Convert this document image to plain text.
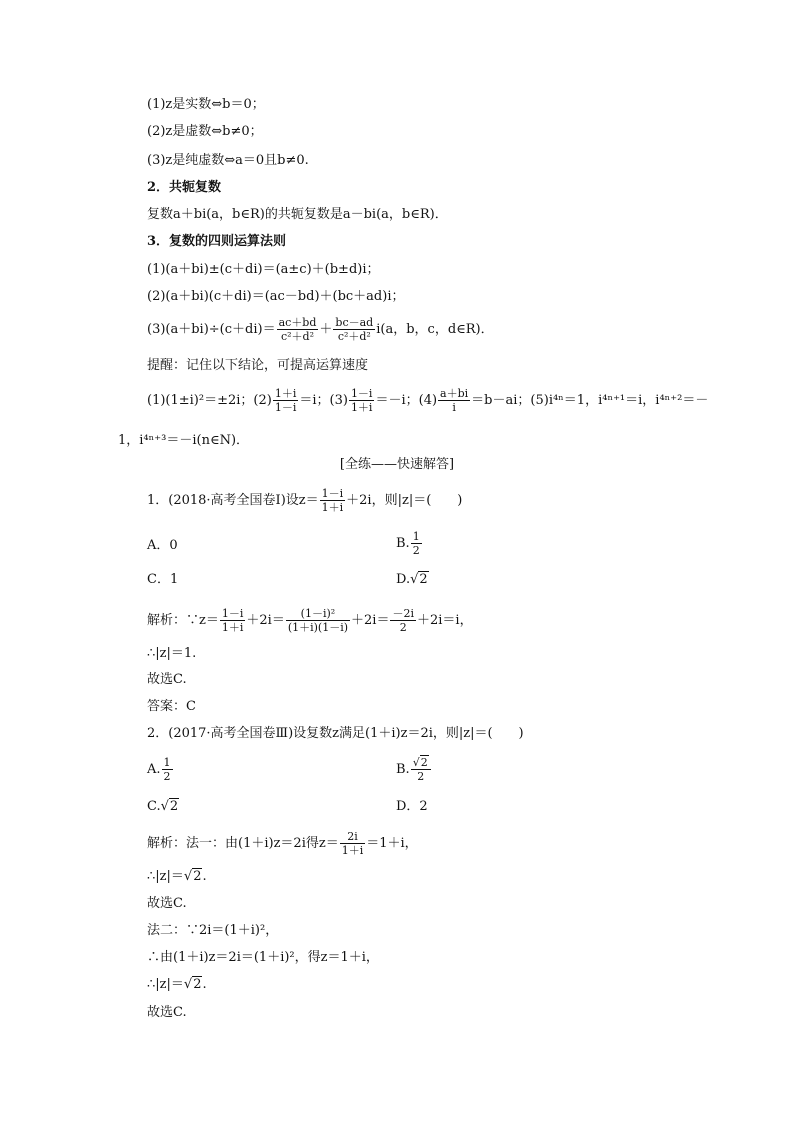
(1)z是实数⇔b＝0；
(2)z是虚数⇔b≠0；
(3)z是纯虚数⇔a＝0且b≠0.
2．共轭复数
复数a＋bi(a，b∈R)的共轭复数是a－bi(a，b∈R)．
3．复数的四则运算法则
(1)(a＋bi)±(c＋di)＝(a±c)＋(b±d)i；
(2)(a＋bi)(c＋di)＝(ac－bd)＋(bc＋ad)i；
$(3)(a+bi)\div(c+di)= \frac{ac+bd}{\text{c²＋d²}} + \frac{bc-ad}{\text{c²＋d²}} i(a$，b，c，d∈R)．
提醒：记住以下结论，可提高运算速度
(1)(1±i)²＝±2i；$(2) \frac{1+i}{1-i} =i$；$(3) \frac{1-i}{1+i} =-i$；$(4) \frac{a+bi}{i} =b-ai$；(5)i⁴ⁿ＝1，i⁴ⁿ⁺¹＝i，i⁴ⁿ⁺²＝－
1，i⁴ⁿ⁺³＝－i(n∈N)．
[全练——快速解答]
1．(2018·高考全国卷Ⅰ)设$z= \frac{1-i}{1+i} +2i$，则|z|＝(　　)
A．0	B. $\frac{1}{2}$
C．1	D.√2
解析：∵z＝ $\frac{1-i}{1+i} +2i= \frac{\text{(1－i)²}}{(1+i)(1-i)} +2i= \frac{-2i}{2} +2i=i$，
∴|z|＝1.
故选C.
答案：C
2．(2017·高考全国卷Ⅲ)设复数z满足(1＋i)z＝2i，则|z|＝(　　)
A. $\frac{1}{2}$	B. $\frac{√2}{2}$
C.√2	D．2
解析：法一：由(1＋i)z＝2i得$z= \frac{2i}{1+i} =1+i$，
∴|z|＝√2.
故选C.
法二：∵2i＝(1＋i)²，
∴由(1＋i)z＝2i＝(1＋i)²，得z＝1＋i，
∴|z|＝√2.
故选C.
